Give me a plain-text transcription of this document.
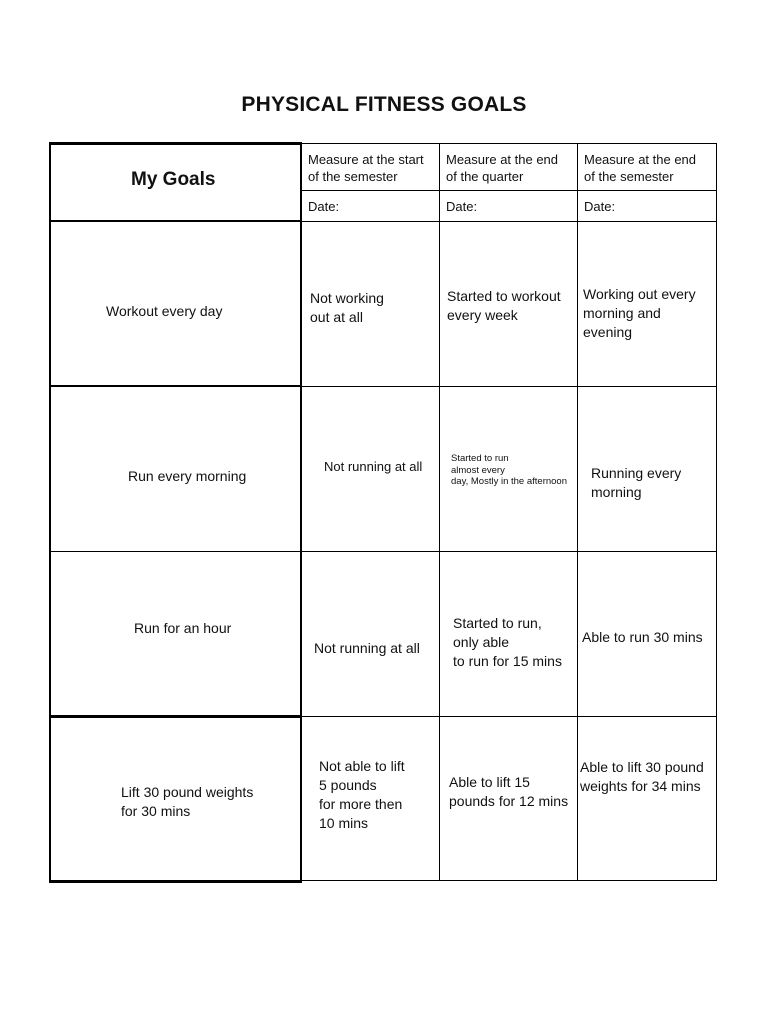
PHYSICAL FITNESS GOALS
My Goals
Measure at the start
of the semester
Measure at the end
of the quarter
Measure at the end
of the semester
Date:	Date:	Date:
Workout every day
Not working
out at all
Started to workout
every week
Working out every
morning and
evening
Run every morning
Not running at all
Started to run
almost every
day, Mostly in the afternoon
Running every
morning
Run for an hour
Not running at all
Started to run,
only able
to run for 15 mins
Able to run 30 mins
Lift 30 pound weights
for 30 mins
Not able to lift
5 pounds
for more then
10 mins
Able to lift 15
pounds for 12 mins
Able to lift 30 pound
weights for 34 mins
